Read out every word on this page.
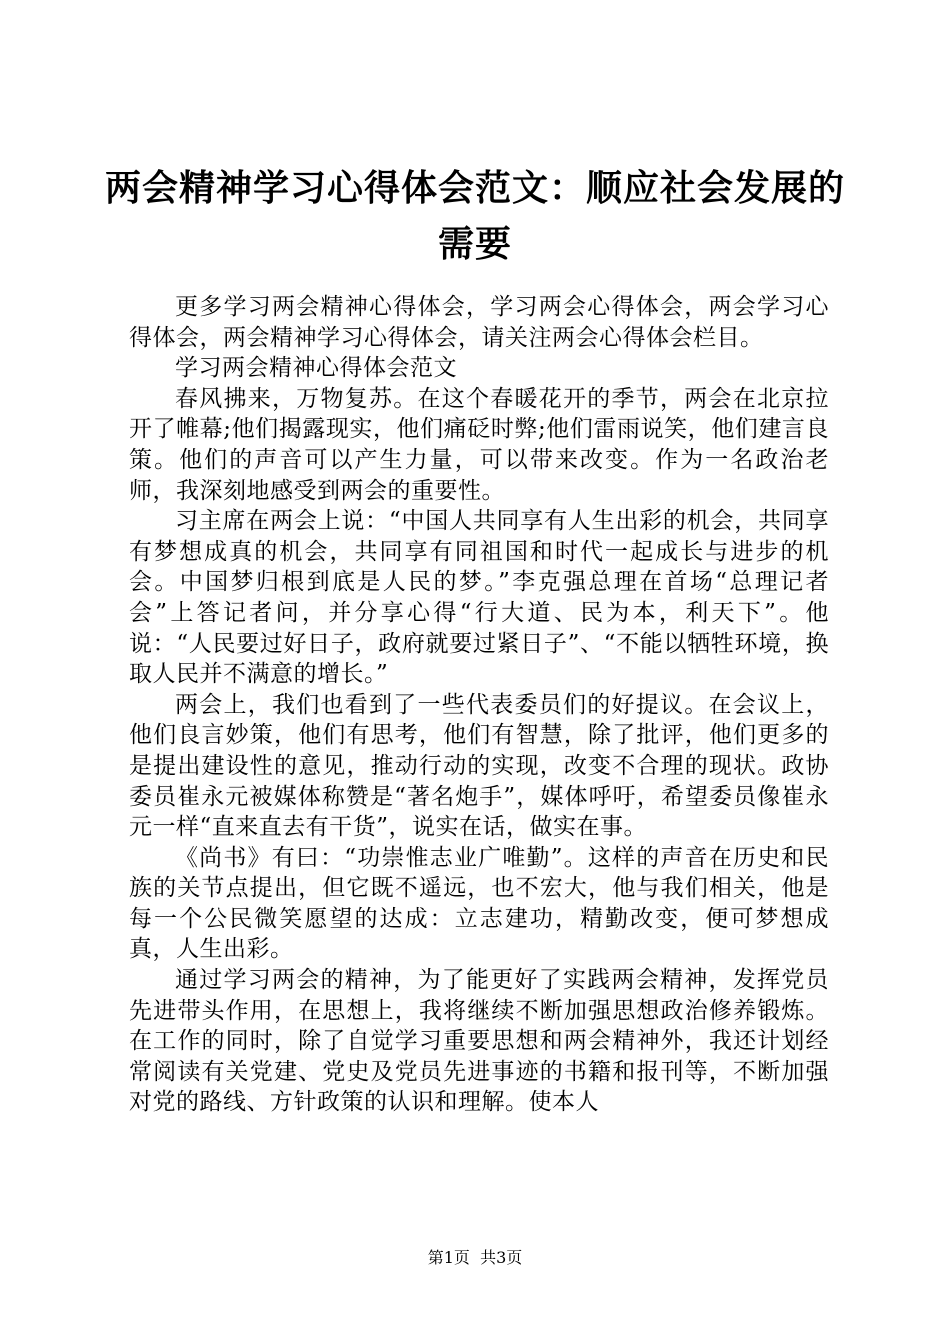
两会精神学习心得体会范文：顺应社会发展的需要

更多学习两会精神心得体会，学习两会心得体会，两会学习心得体会，两会精神学习心得体会，请关注两会心得体会栏目。

学习两会精神心得体会范文

春风拂来，万物复苏。在这个春暖花开的季节，两会在北京拉开了帷幕;他们揭露现实，他们痛砭时弊;他们雷雨说笑，他们建言良策。他们的声音可以产生力量，可以带来改变。作为一名政治老师，我深刻地感受到两会的重要性。

习主席在两会上说：“中国人共同享有人生出彩的机会，共同享有梦想成真的机会，共同享有同祖国和时代一起成长与进步的机会。中国梦归根到底是人民的梦。”李克强总理在首场“总理记者会”上答记者问，并分享心得“行大道、民为本，利天下”。他说：“人民要过好日子，政府就要过紧日子”、“不能以牺牲环境，换取人民并不满意的增长。”

两会上，我们也看到了一些代表委员们的好提议。在会议上，他们良言妙策，他们有思考，他们有智慧，除了批评，他们更多的是提出建设性的意见，推动行动的实现，改变不合理的现状。政协委员崔永元被媒体称赞是“著名炮手”，媒体呼吁，希望委员像崔永元一样“直来直去有干货”，说实在话，做实在事。

《尚书》有曰：“功崇惟志业广唯勤”。这样的声音在历史和民族的关节点提出，但它既不遥远，也不宏大，他与我们相关，他是每一个公民微笑愿望的达成：立志建功，精勤改变，便可梦想成真，人生出彩。

通过学习两会的精神，为了能更好了实践两会精神，发挥党员先进带头作用，在思想上，我将继续不断加强思想政治修养锻炼。在工作的同时，除了自觉学习重要思想和两会精神外，我还计划经常阅读有关党建、党史及党员先进事迹的书籍和报刊等，不断加强对党的路线、方针政策的认识和理解。使本人

第1页  共3页
